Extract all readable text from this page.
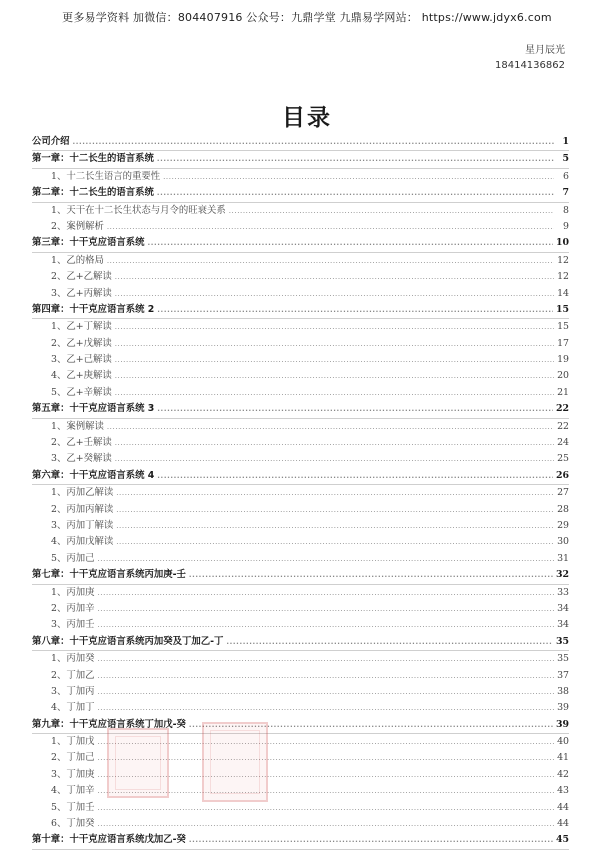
更多易学资料 加微信：804407916 公众号：九鼎学堂 九鼎易学网站： https://www.jdyx6.com
星月辰光
18414136862
目录
公司介绍 .....	1
第一章：十二长生的语言系统 .....	5
1、十二长生语言的重要性 .....	6
第二章：十二长生的语言系统 .....	7
1、天干在十二长生状态与月令的旺衰关系 .....	8
2、案例解析 .....	9
第三章：十干克应语言系统 .....	10
1、乙的格局 .....	12
2、乙+乙解读 .....	12
3、乙+丙解读 .....	14
第四章：十干克应语言系统 2 .....	15
1、乙+丁解读 .....	15
2、乙+戊解读 .....	17
3、乙+己解读 .....	19
4、乙+庚解读 .....	20
5、乙+辛解读 .....	21
第五章：十干克应语言系统 3 .....	22
1、案例解读 .....	22
2、乙+壬解读 .....	24
3、乙+癸解读 .....	25
第六章：十干克应语言系统 4 .....	26
1、丙加乙解读 .....	27
2、丙加丙解读 .....	28
3、丙加丁解读 .....	29
4、丙加戊解读 .....	30
5、丙加己 .....	31
第七章：十干克应语言系统丙加庚-壬 .....	32
1、丙加庚 .....	33
2、丙加辛 .....	34
3、丙加壬 .....	34
第八章：十干克应语言系统丙加癸及丁加乙-丁 .....	35
1、丙加癸 .....	35
2、丁加乙 .....	37
3、丁加丙 .....	38
4、丁加丁 .....	39
第九章：十干克应语言系统丁加戊-癸 .....	39
1、丁加戊 .....	40
2、丁加己 .....	41
3、丁加庚 .....	42
4、丁加辛 .....	43
5、丁加壬 .....	44
6、丁加癸 .....	44
第十章：十干克应语言系统戊加乙-癸 .....	45
